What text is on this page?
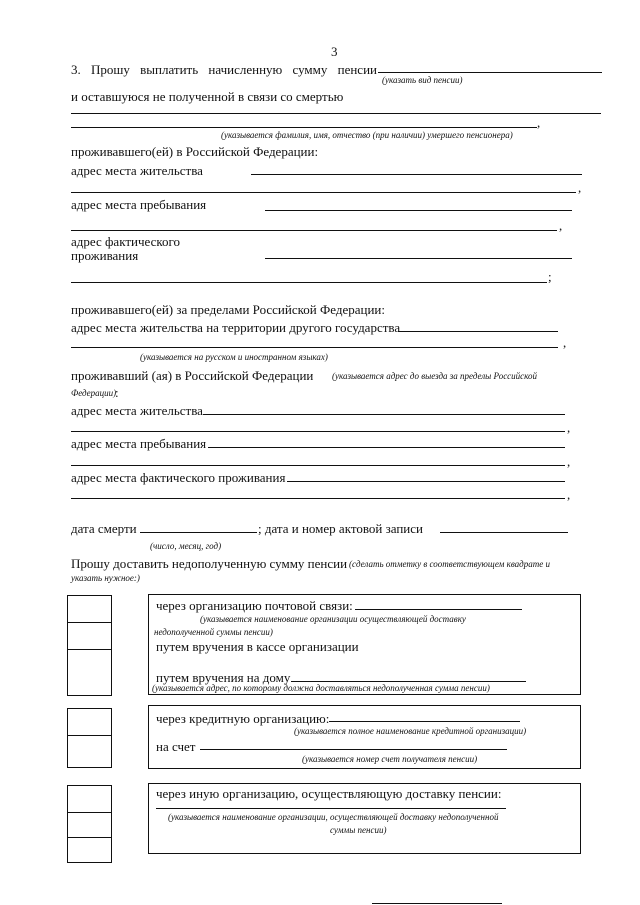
3
3. Прошу выплатить начисленную сумму пенсии
(указать вид пенсии)
и оставшуюся не полученной в связи со смертью
,
(указывается фамилия, имя, отчество (при наличии) умершего пенсионера)
проживавшего(ей) в Российской Федерации:
адрес места жительства
,
адрес места пребывания
,
адрес фактического
проживания
;
проживавшего(ей) за пределами Российской Федерации:
адрес места жительства на территории другого государства
,
(указывается на русском и иностранном языках)
проживавший (ая) в Российской Федерации (указывается адрес до выезда за пределы Российской
Федерации)
:
адрес места жительства
,
адрес места пребывания
,
адрес места фактического проживания
,
дата смерти	; дата и номер актовой записи
(число, месяц, год)
Прошу доставить недополученную сумму пенсии (сделать отметку в соответствующем квадрате и
указать нужное:)
через организацию почтовой связи:
(указывается наименование организации осуществляющей доставку
недополученной суммы пенсии)
путем вручения в кассе организации
путем вручения на дому
(указывается адрес, по которому должна доставляться недополученная сумма пенсии)
через кредитную организацию:
(указывается полное наименование кредитной организации)
на счет
(указывается номер счет получателя пенсии)
через иную организацию, осуществляющую доставку пенсии:
(указывается наименование организации, осуществляющей доставку недополученной
суммы пенсии)
